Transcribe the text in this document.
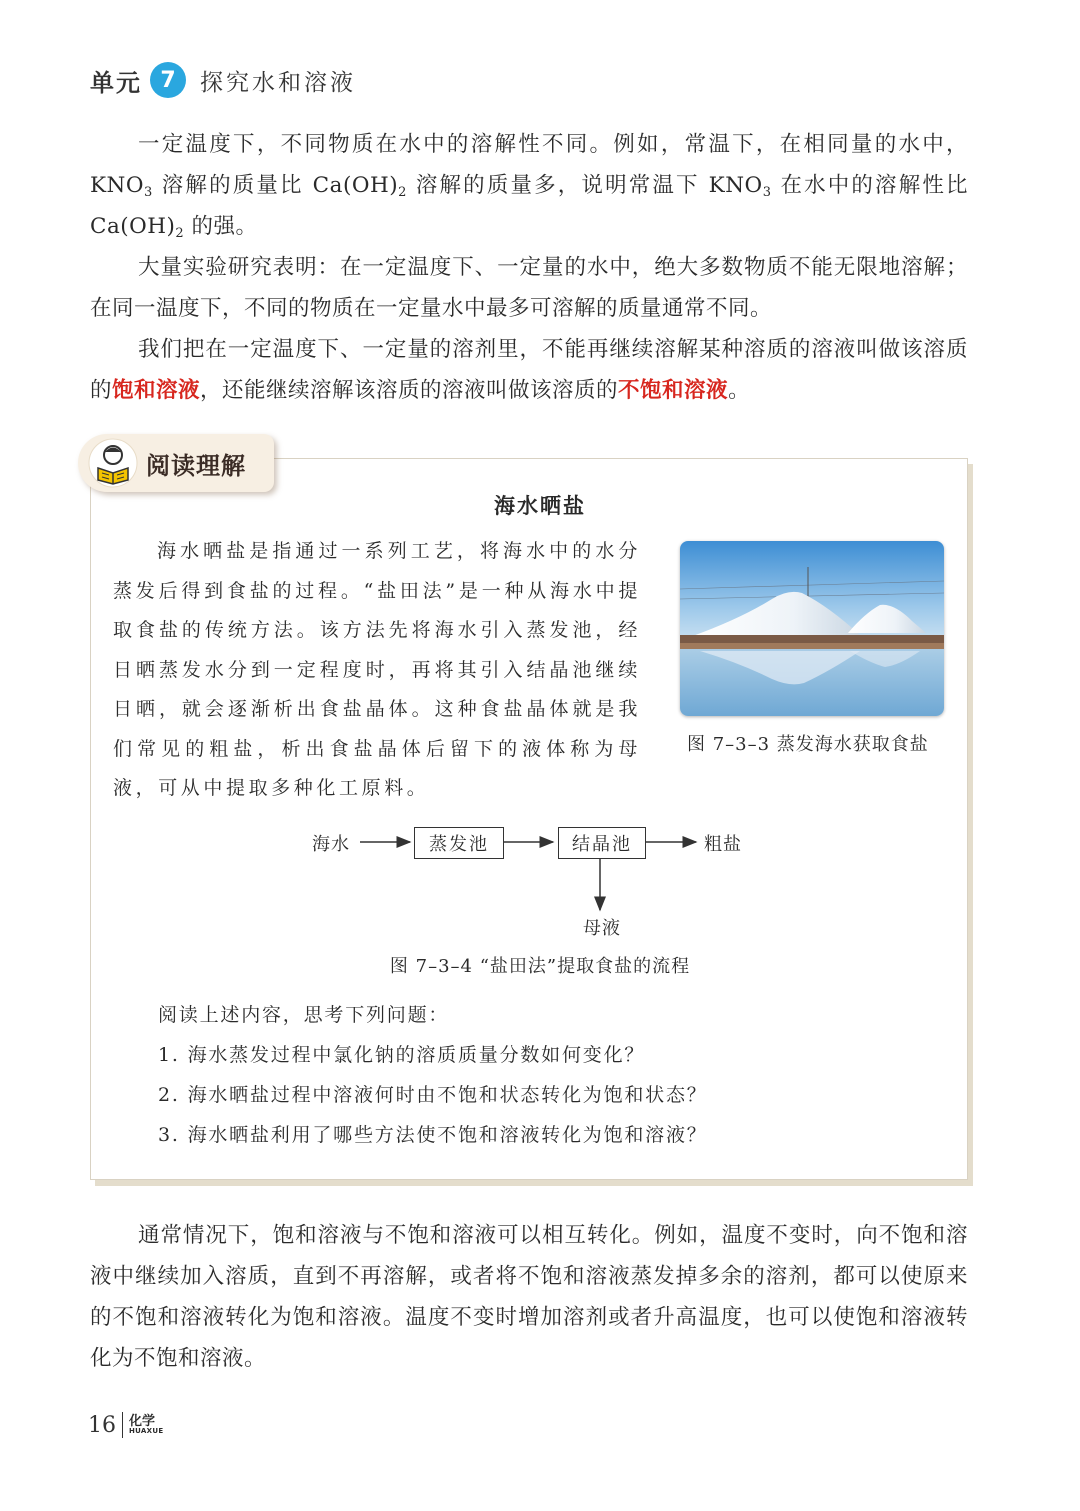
单元 7	探究水和溶液

一定温度下，不同物质在水中的溶解性不同。例如，常温下，在相同量的水中，$KNO_3$ 溶解的质量比 $Ca(OH)_2$ 溶解的质量多，说明常温下 $KNO_3$ 在水中的溶解性比 $Ca(OH)_2$ 的强。

大量实验研究表明：在一定温度下、一定量的水中，绝大多数物质不能无限地溶解；在同一温度下，不同的物质在一定量水中最多可溶解的质量通常不同。

我们把在一定温度下、一定量的溶剂里，不能再继续溶解某种溶质的溶液叫做该溶质的饱和溶液，还能继续溶解该溶质的溶液叫做该溶质的不饱和溶液。

阅读理解
海水晒盐

海水晒盐是指通过一系列工艺，将海水中的水分蒸发后得到食盐的过程。“盐田法”是一种从海水中提取食盐的传统方法。该方法先将海水引入蒸发池，经日晒蒸发水分到一定程度时，再将其引入结晶池继续日晒，就会逐渐析出食盐晶体。这种食盐晶体就是我们常见的粗盐，析出食盐晶体后留下的液体称为母液，可从中提取多种化工原料。

图 7–3–3 蒸发海水获取食盐
海水	蒸发池	结晶池	粗盐
母液
图 7–3–4 “盐田法”提取食盐的流程
阅读上述内容，思考下列问题：
1. 海水蒸发过程中氯化钠的溶质质量分数如何变化？
2. 海水晒盐过程中溶液何时由不饱和状态转化为饱和状态？
3. 海水晒盐利用了哪些方法使不饱和溶液转化为饱和溶液？

通常情况下，饱和溶液与不饱和溶液可以相互转化。例如，温度不变时，向不饱和溶液中继续加入溶质，直到不再溶解，或者将不饱和溶液蒸发掉多余的溶剂，都可以使原来的不饱和溶液转化为饱和溶液。温度不变时增加溶剂或者升高温度，也可以使饱和溶液转化为不饱和溶液。

16 化学
HUAXUE
